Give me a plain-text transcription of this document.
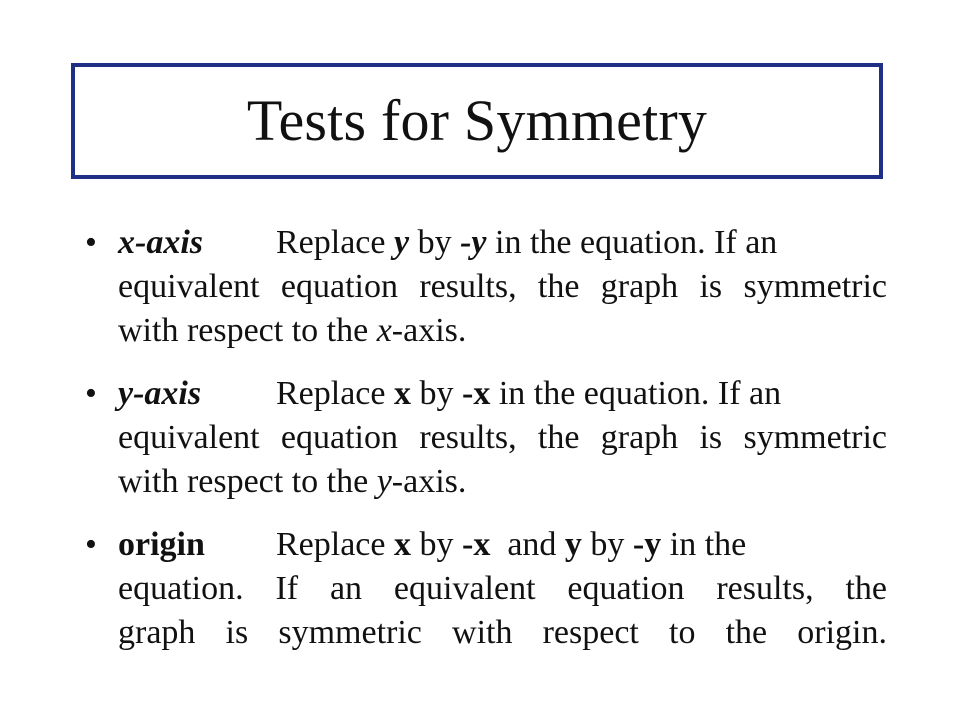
Tests for Symmetry
• x-axis Replace y by -y in the equation. If an
equivalent equation results, the graph is symmetric
with respect to the x-axis.
• y-axis Replace x by -x in the equation. If an
equivalent equation results, the graph is symmetric
with respect to the y-axis.
• origin Replace x by -x  and y by -y in the
equation. If an equivalent equation results, the
graph is symmetric with respect to the origin.
